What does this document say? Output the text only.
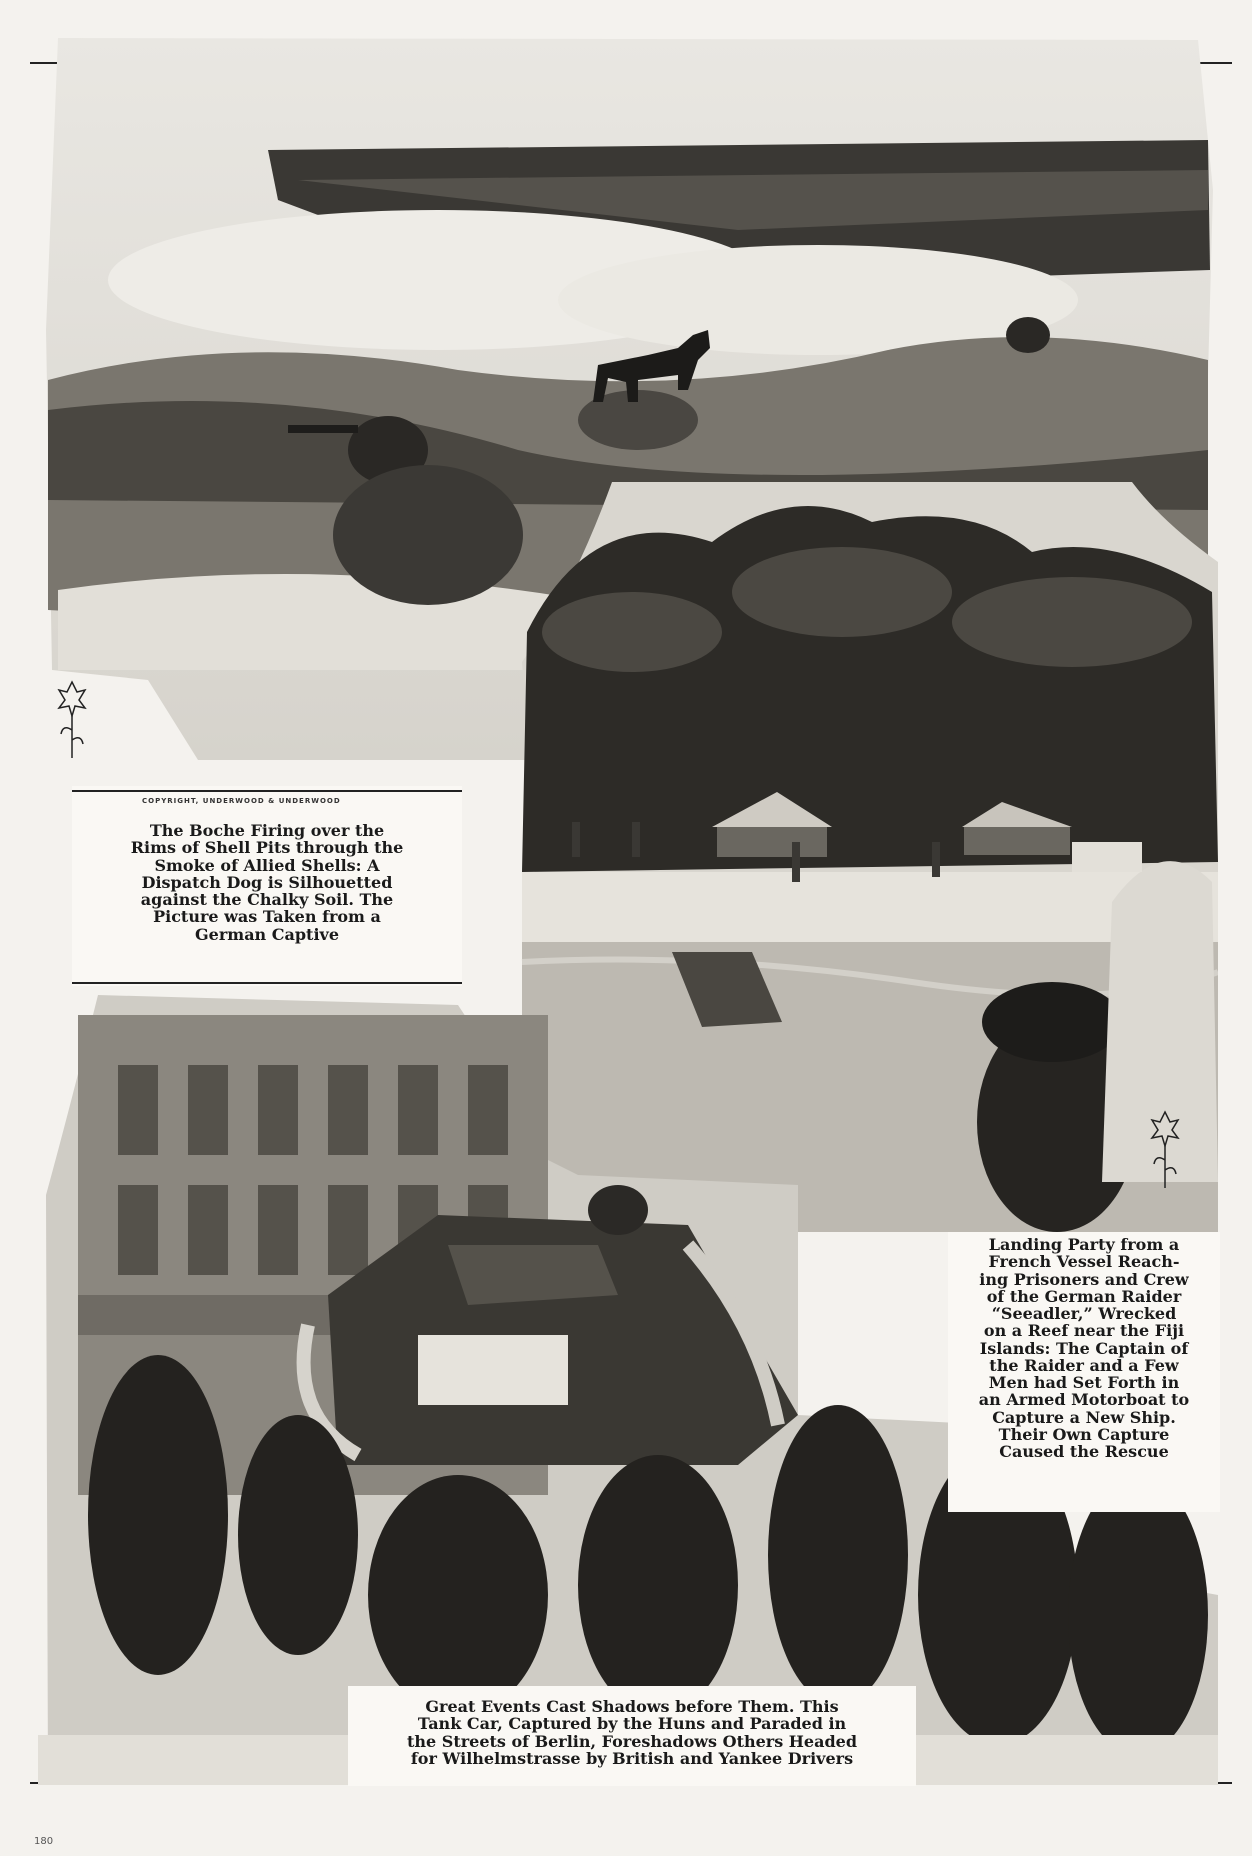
COPYRIGHT, UNDERWOOD & UNDERWOOD
The Boche Firing over the
Rims of Shell Pits through the
Smoke of Allied Shells: A
Dispatch Dog is Silhouetted
against the Chalky Soil. The
Picture was Taken from a
German Captive
Landing Party from a
French Vessel Reach-
ing Prisoners and Crew
of the German Raider
“Seeadler,” Wrecked
on a Reef near the Fiji
Islands: The Captain of
the Raider and a Few
Men had Set Forth in
an Armed Motorboat to
Capture a New Ship.
Their Own Capture
Caused the Rescue
Great Events Cast Shadows before Them. This
Tank Car, Captured by the Huns and Paraded in
the Streets of Berlin, Foreshadows Others Headed
for Wilhelmstrasse by British and Yankee Drivers
180
